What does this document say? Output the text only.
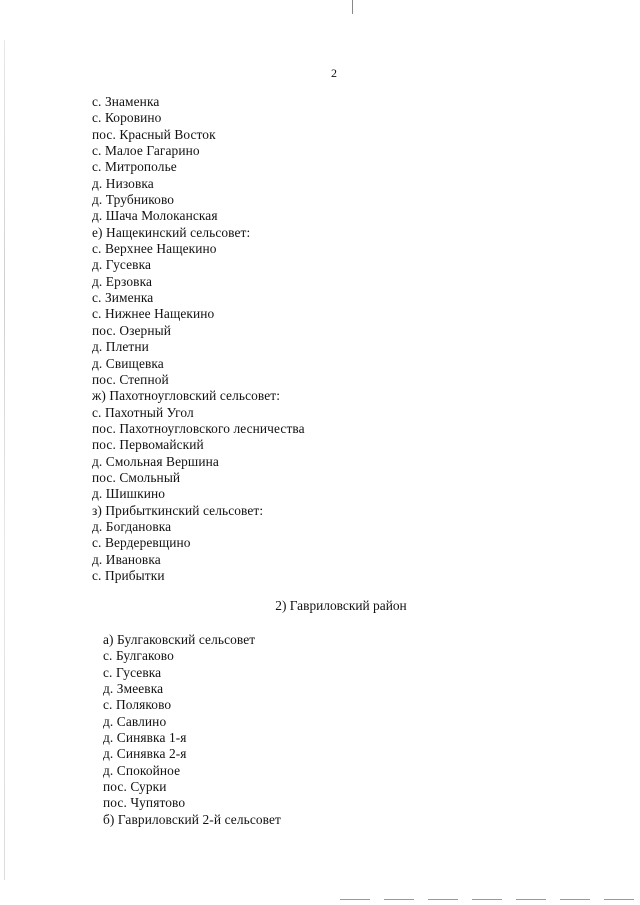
2
с. Знаменка
с. Коровино
пос. Красный Восток
с. Малое Гагарино
с. Митрополье
д. Низовка
д. Трубниково
д. Шача Молоканская
е) Нащекинский сельсовет:
с. Верхнее Нащекино
д. Гусевка
д. Ерзовка
с. Зименка
с. Нижнее Нащекино
пос. Озерный
д. Плетни
д. Свищевка
пос. Степной
ж) Пахотноугловский сельсовет:
с. Пахотный Угол
пос. Пахотноугловского лесничества
пос. Первомайский
д. Смольная Вершина
пос. Смольный
д. Шишкино
з) Прибыткинский сельсовет:
д. Богдановка
с. Вердеревщино
д. Ивановка
с. Прибытки
2) Гавриловский район
а) Булгаковский сельсовет
с. Булгаково
с. Гусевка
д. Змеевка
с. Поляково
д. Савлино
д. Синявка 1-я
д. Синявка 2-я
д. Спокойное
пос. Сурки
пос. Чупятово
б) Гавриловский 2-й сельсовет
